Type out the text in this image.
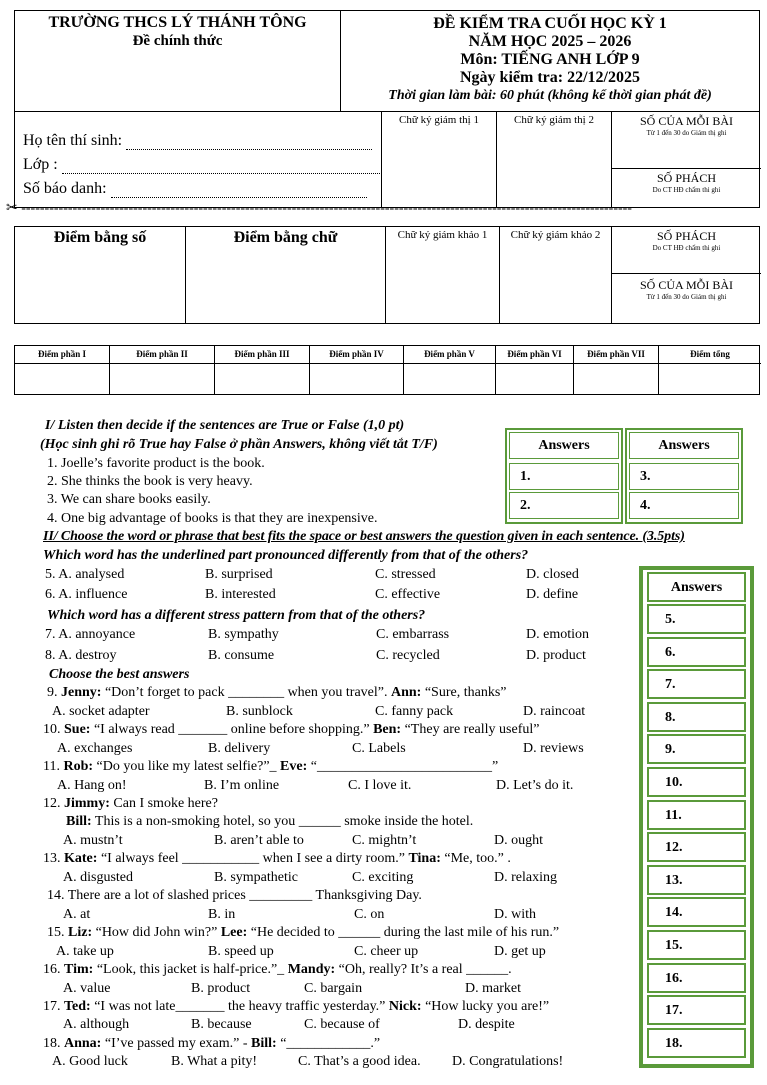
TRƯỜNG THCS LÝ THÁNH TÔNG
Đề chính thức
ĐỀ KIỂM TRA CUỐI HỌC KỲ 1
NĂM HỌC 2025 – 2026
Môn: TIẾNG ANH LỚP 9
Ngày kiểm tra: 22/12/2025
Thời gian làm bài: 60 phút (không kể thời gian phát đề)
Họ tên thí sinh:
Lớp :
Số báo danh:
Chữ ký giám thị 1	Chữ ký giám thị 2	SỐ CỦA MỖI BÀI
Từ 1 đến 30 do Giám thị ghi
SỐ PHÁCH
Do CT HĐ chấm thi ghi
✂ -----------------------------------------------------------------------------------------------------------------------------------
Điểm bằng số	Điểm bằng chữ	Chữ ký giám khảo 1	Chữ ký giám khảo 2	SỐ PHÁCH
Do CT HĐ chấm thi ghi
SỐ CỦA MỖI BÀI
Từ 1 đến 30 do Giám thị ghi
Điểm phần I	Điểm phần II	Điểm phần III	Điểm phần IV	Điểm phần V	Điểm phần VI	Điểm phần VII	Điểm tổng
I/ Listen then decide if the sentences are True or False (1,0 pt)
(Học sinh ghi rõ True hay False ở phần Answers, không viết tắt T/F)
1. Joelle’s favorite product is the book.
2. She thinks the book is very heavy.
3. We can share books easily.
4. One big advantage of books is that they are inexpensive.
Answers
1.
2.
Answers
3.
4.
II/ Choose the word or phrase that best fits the space or best answers the question given in each sentence. (3.5pts)
Which word has the underlined part pronounced differently from that of the others?
Which word has a different stress pattern from that of the others?
Choose the best answers
5. A. analysed	B. surprised	C. stressed	D. closed
6. A. influence	B. interested	C. effective	D. define
7. A. annoyance	B. sympathy	C. embarrass	D. emotion
8. A. destroy	B. consume	C. recycled	D. product
9. Jenny: “Don’t forget to pack ________ when you travel”. Ann: “Sure, thanks”
A. socket adapter	B. sunblock	C. fanny pack	D. raincoat
10. Sue: “I always read _______ online before shopping.” Ben: “They are really useful”
A. exchanges	B. delivery	C. Labels	D. reviews
11. Rob: “Do you like my latest selfie?”_ Eve: “_________________________”
A. Hang on!	B. I’m online	C. I love it.	D. Let’s do it.
12. Jimmy: Can I smoke here?
Bill: This is a non-smoking hotel, so you ______ smoke inside the hotel.
A. mustn’t	B. aren’t able to	C. mightn’t	D. ought
13. Kate: “I always feel ___________ when I see a dirty room.” Tina: “Me, too.” .
A. disgusted	B. sympathetic	C. exciting	D. relaxing
14. There are a lot of slashed prices _________ Thanksgiving Day.
A. at	B. in	C. on	D. with
15. Liz: “How did John win?” Lee: “He decided to ______ during the last mile of his run.”
A. take up	B. speed up	C. cheer up	D. get up
16. Tim: “Look, this jacket is half-price.”_ Mandy: “Oh, really? It’s a real ______.
A. value	B. product	C. bargain	D. market
17. Ted: “I was not late_______ the heavy traffic yesterday.” Nick: “How lucky you are!”
A. although	B. because	C. because of	D. despite
18. Anna: “I’ve passed my exam.” - Bill: “____________.”
A. Good luck	B. What a pity!	C. That’s a good idea. D. Congratulations!
Answers
5.
6.
7.
8.
9.
10.
11.
12.
13.
14.
15.
16.
17.
18.
